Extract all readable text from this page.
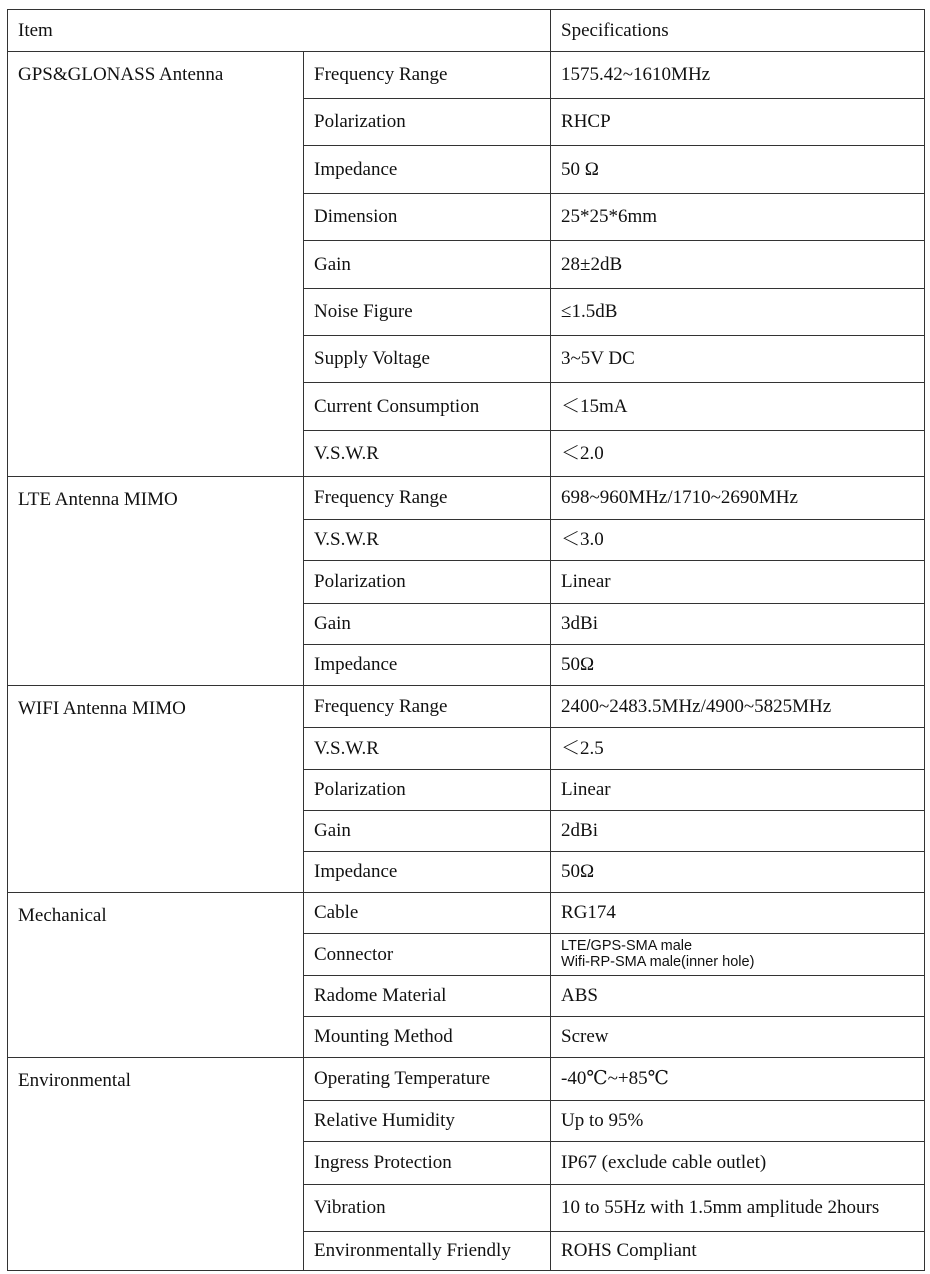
Item		Specifications
GPS&GLONASS Antenna	Frequency Range	1575.42~1610MHz
	Polarization	RHCP
	Impedance	50 Ω
	Dimension	25*25*6mm
	Gain	28±2dB
	Noise Figure	≤1.5dB
	Supply Voltage	3~5V DC
	Current Consumption	＜15mA
	V.S.W.R	＜2.0
LTE Antenna MIMO	Frequency Range	698~960MHz/1710~2690MHz
	V.S.W.R	＜3.0
	Polarization	Linear
	Gain	3dBi
	Impedance	50Ω
WIFI Antenna MIMO	Frequency Range	2400~2483.5MHz/4900~5825MHz
	V.S.W.R	＜2.5
	Polarization	Linear
	Gain	2dBi
	Impedance	50Ω
Mechanical	Cable	RG174
	Connector	LTE/GPS-SMA male
Wifi-RP-SMA male(inner hole)

	Radome Material	ABS
	Mounting Method	Screw
Environmental	Operating Temperature	-40℃~+85℃
	Relative Humidity	Up to 95%
	Ingress Protection	IP67 (exclude cable outlet)
	Vibration	10 to 55Hz with 1.5mm amplitude 2hours
	Environmentally Friendly	ROHS Compliant
